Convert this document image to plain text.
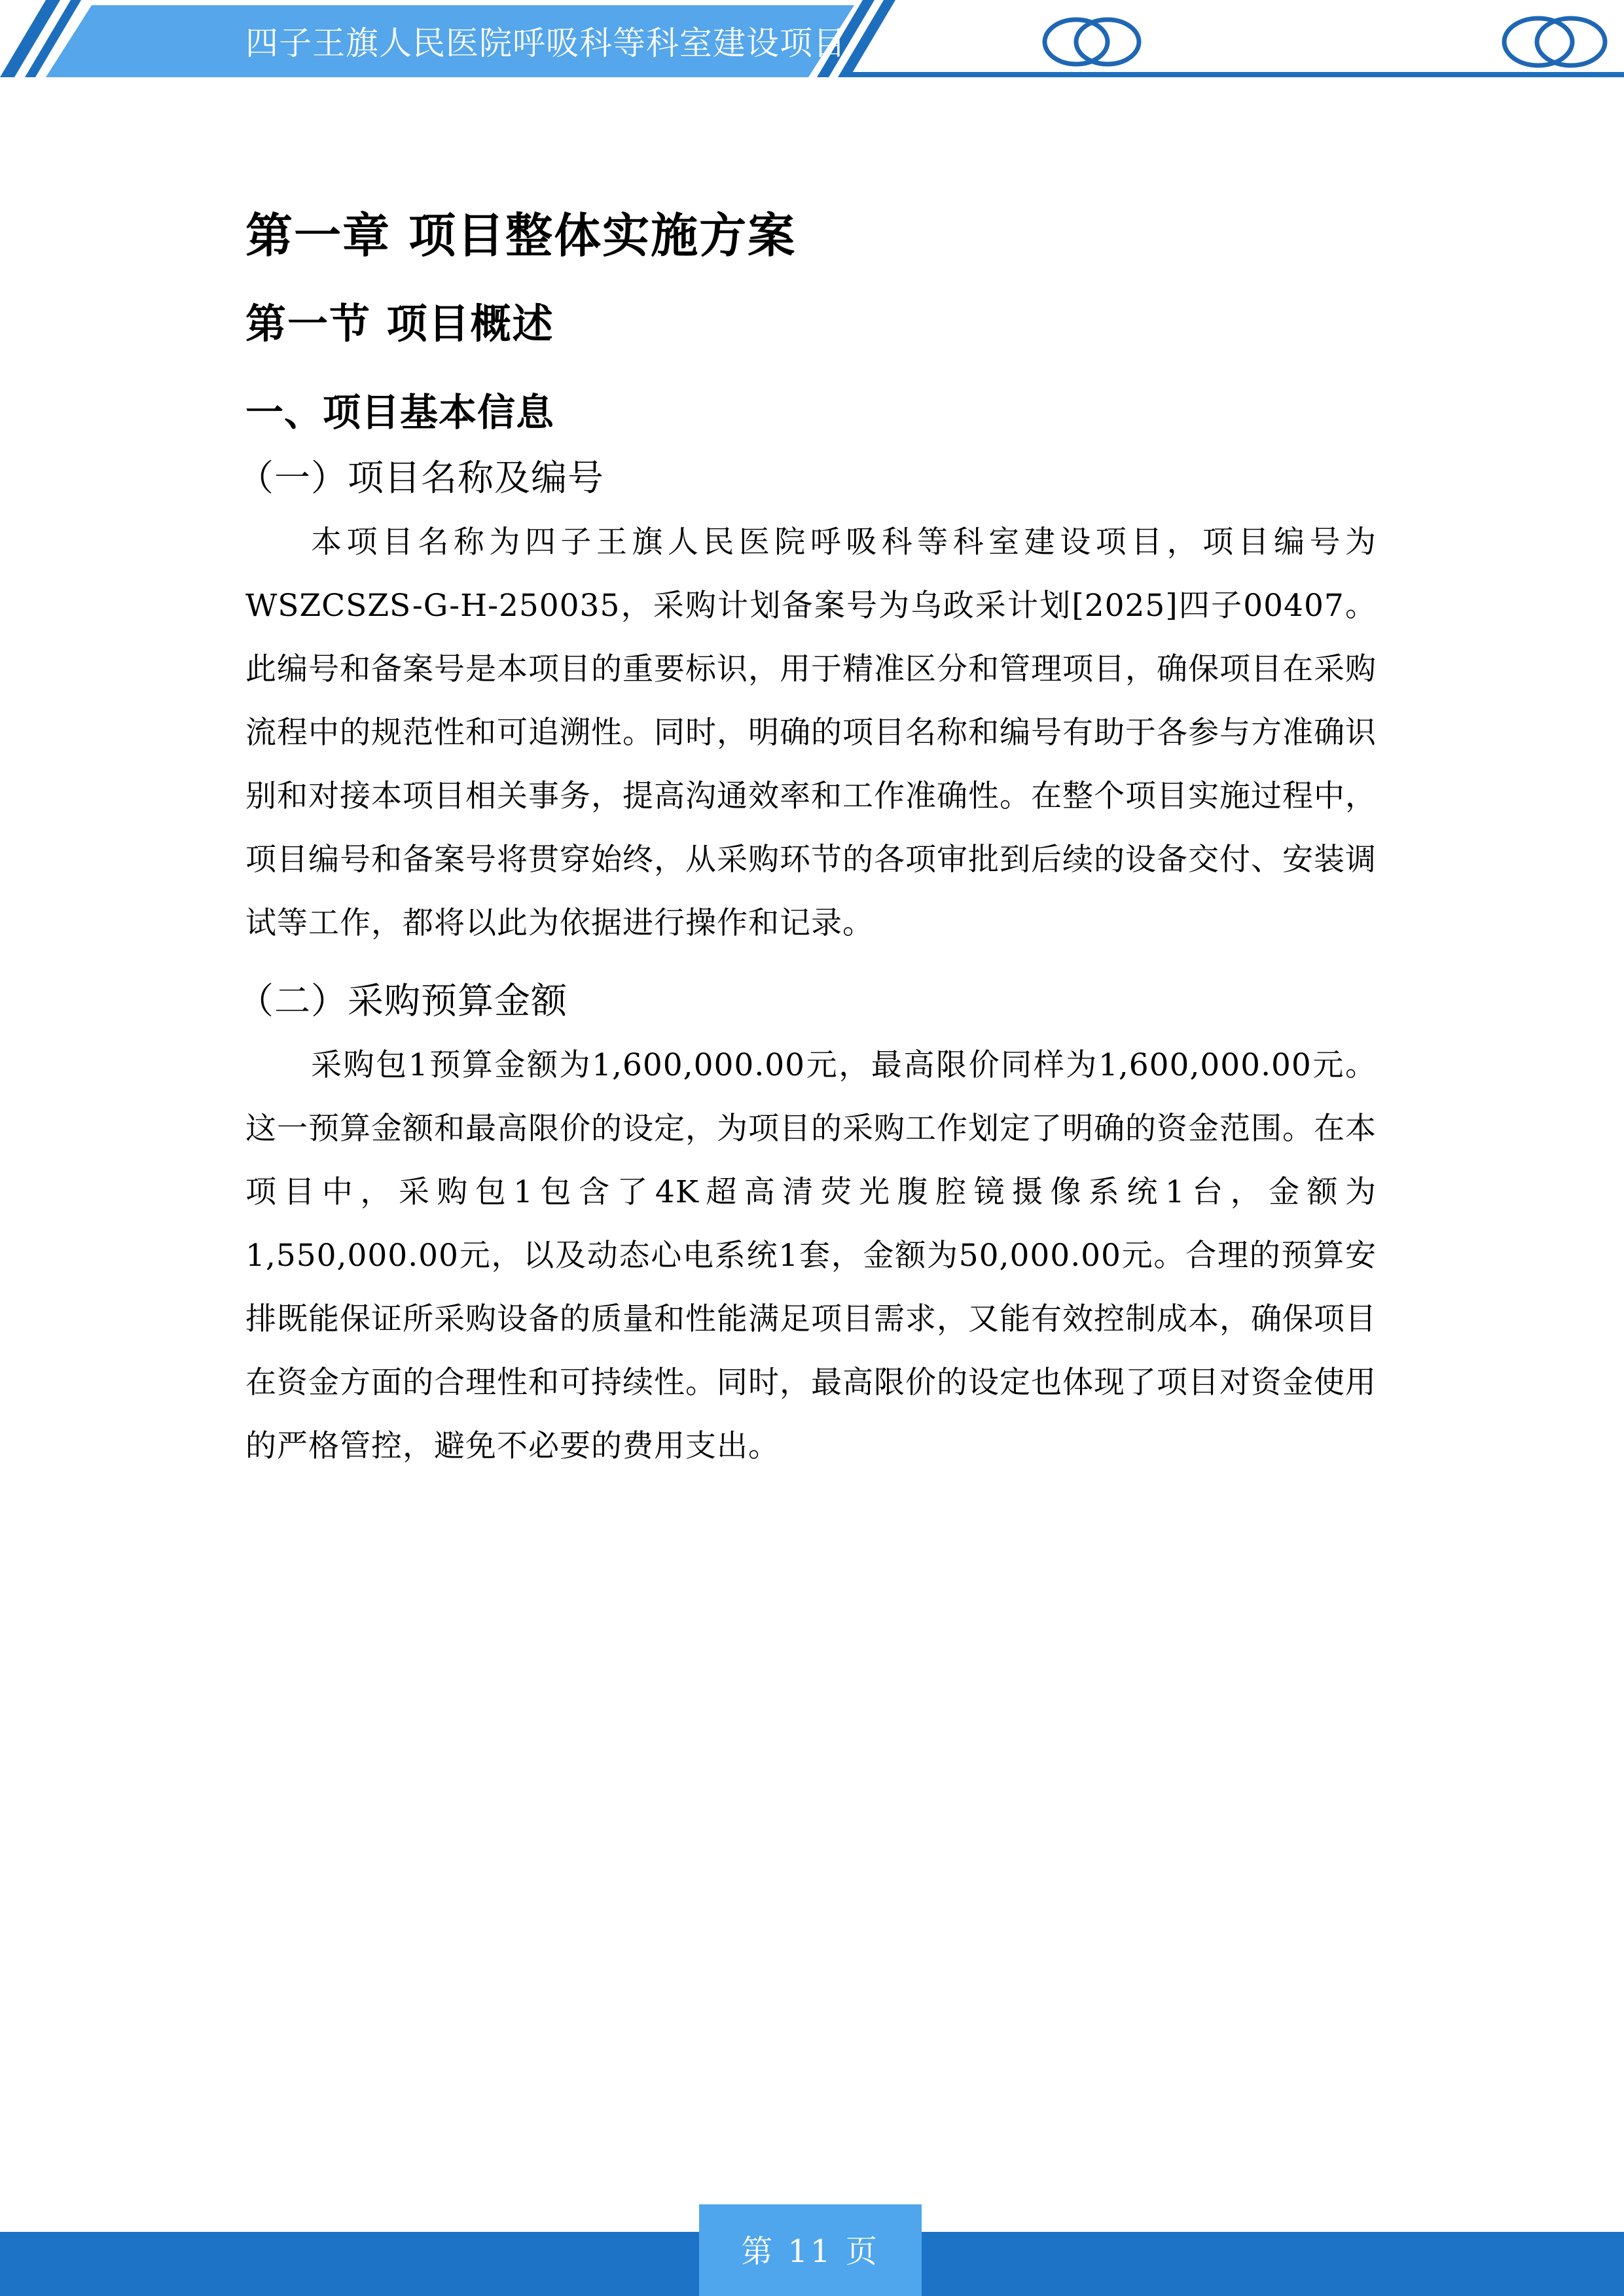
四子王旗人民医院呼吸科等科室建设项目
第一章 项目整体实施方案
第一节 项目概述
一、项目基本信息
（一）项目名称及编号

本项目名称为四子王旗人民医院呼吸科等科室建设项目，项目编号为WSZCSZS-G-H-250035，采购计划备案号为乌政采计划[2025]四子00407。此编号和备案号是本项目的重要标识，用于精准区分和管理项目，确保项目在采购流程中的规范性和可追溯性。同时，明确的项目名称和编号有助于各参与方准确识别和对接本项目相关事务，提高沟通效率和工作准确性。在整个项目实施过程中，项目编号和备案号将贯穿始终，从采购环节的各项审批到后续的设备交付、安装调试等工作，都将以此为依据进行操作和记录。

（二）采购预算金额

采购包1预算金额为1,600,000.00元，最高限价同样为1,600,000.00元。这一预算金额和最高限价的设定，为项目的采购工作划定了明确的资金范围。在本项目中，采购包1包含了4K超高清荧光腹腔镜摄像系统1台，金额为1,550,000.00元，以及动态心电系统1套，金额为50,000.00元。合理的预算安排既能保证所采购设备的质量和性能满足项目需求，又能有效控制成本，确保项目在资金方面的合理性和可持续性。同时，最高限价的设定也体现了项目对资金使用的严格管控，避免不必要的费用支出。

第 11 页
